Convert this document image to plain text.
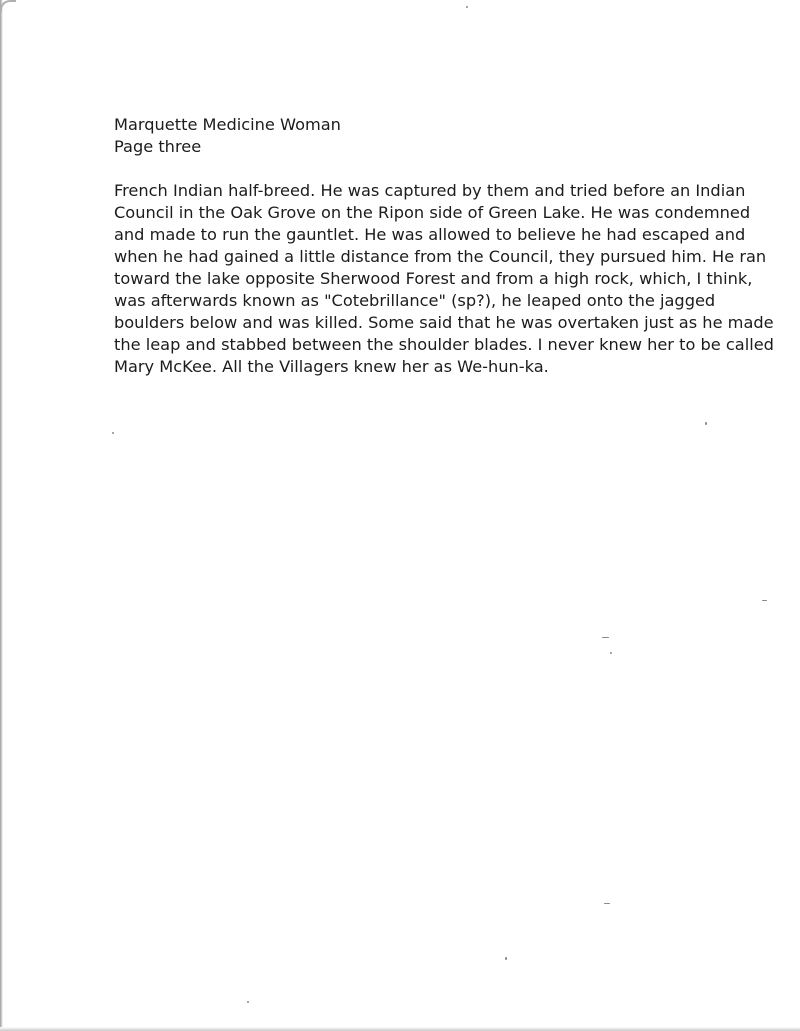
Marquette Medicine Woman
Page three
French Indian half-breed. He was captured by them and tried before an Indian
Council in the Oak Grove on the Ripon side of Green Lake. He was condemned
and made to run the gauntlet. He was allowed to believe he had escaped and
when he had gained a little distance from the Council, they pursued him. He ran
toward the lake opposite Sherwood Forest and from a high rock, which, I think,
was afterwards known as "Cotebrillance" (sp?), he leaped onto the jagged
boulders below and was killed. Some said that he was overtaken just as he made
the leap and stabbed between the shoulder blades. I never knew her to be called
Mary McKee. All the Villagers knew her as We-hun-ka.
